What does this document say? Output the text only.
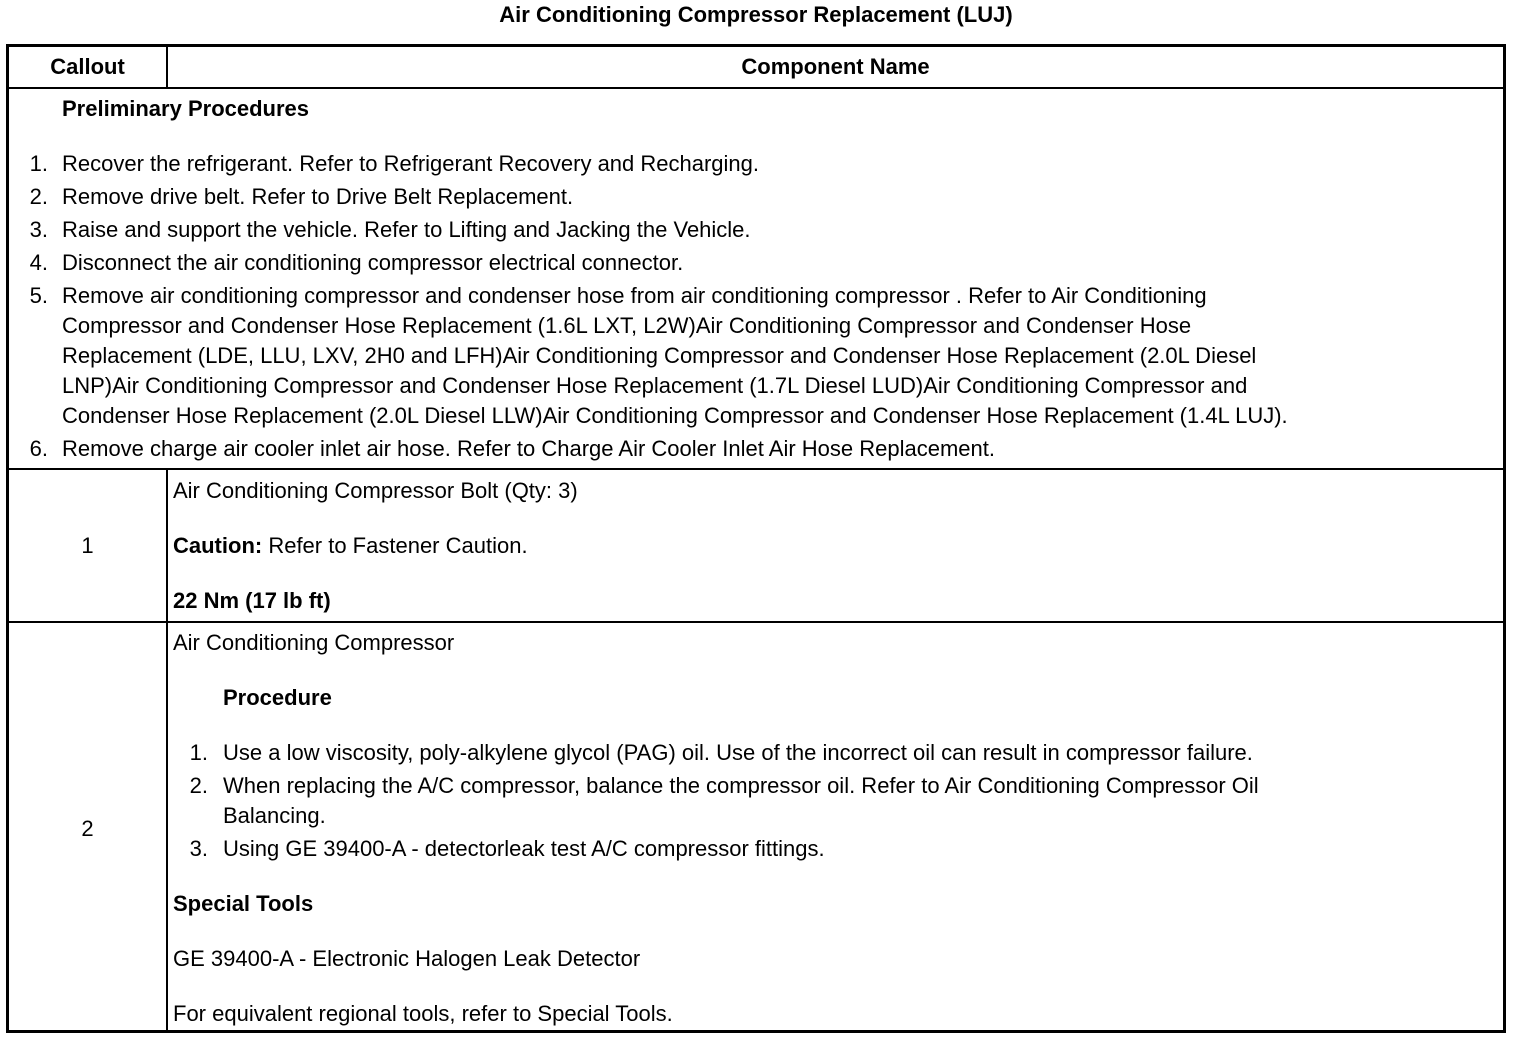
Air Conditioning Compressor Replacement (LUJ)
Callout	Component Name
Preliminary Procedures
1. Recover the refrigerant. Refer to Refrigerant Recovery and Recharging.
2. Remove drive belt. Refer to Drive Belt Replacement.
3. Raise and support the vehicle. Refer to Lifting and Jacking the Vehicle.
4. Disconnect the air conditioning compressor electrical connector.
5. Remove air conditioning compressor and condenser hose from air conditioning compressor . Refer to Air Conditioning
Compressor and Condenser Hose Replacement (1.6L LXT, L2W)Air Conditioning Compressor and Condenser Hose
Replacement (LDE, LLU, LXV, 2H0 and LFH)Air Conditioning Compressor and Condenser Hose Replacement (2.0L Diesel
LNP)Air Conditioning Compressor and Condenser Hose Replacement (1.7L Diesel LUD)Air Conditioning Compressor and
Condenser Hose Replacement (2.0L Diesel LLW)Air Conditioning Compressor and Condenser Hose Replacement (1.4L LUJ).
6. Remove charge air cooler inlet air hose. Refer to Charge Air Cooler Inlet Air Hose Replacement.
1
Air Conditioning Compressor Bolt (Qty: 3)
Caution: Refer to Fastener Caution.
22 Nm (17 lb ft)
2
Air Conditioning Compressor
Procedure
1. Use a low viscosity, poly-alkylene glycol (PAG) oil. Use of the incorrect oil can result in compressor failure.
2. When replacing the A/C compressor, balance the compressor oil. Refer to Air Conditioning Compressor Oil
Balancing.
3. Using GE 39400-A - detectorleak test A/C compressor fittings.
Special Tools
GE 39400-A - Electronic Halogen Leak Detector
For equivalent regional tools, refer to Special Tools.
